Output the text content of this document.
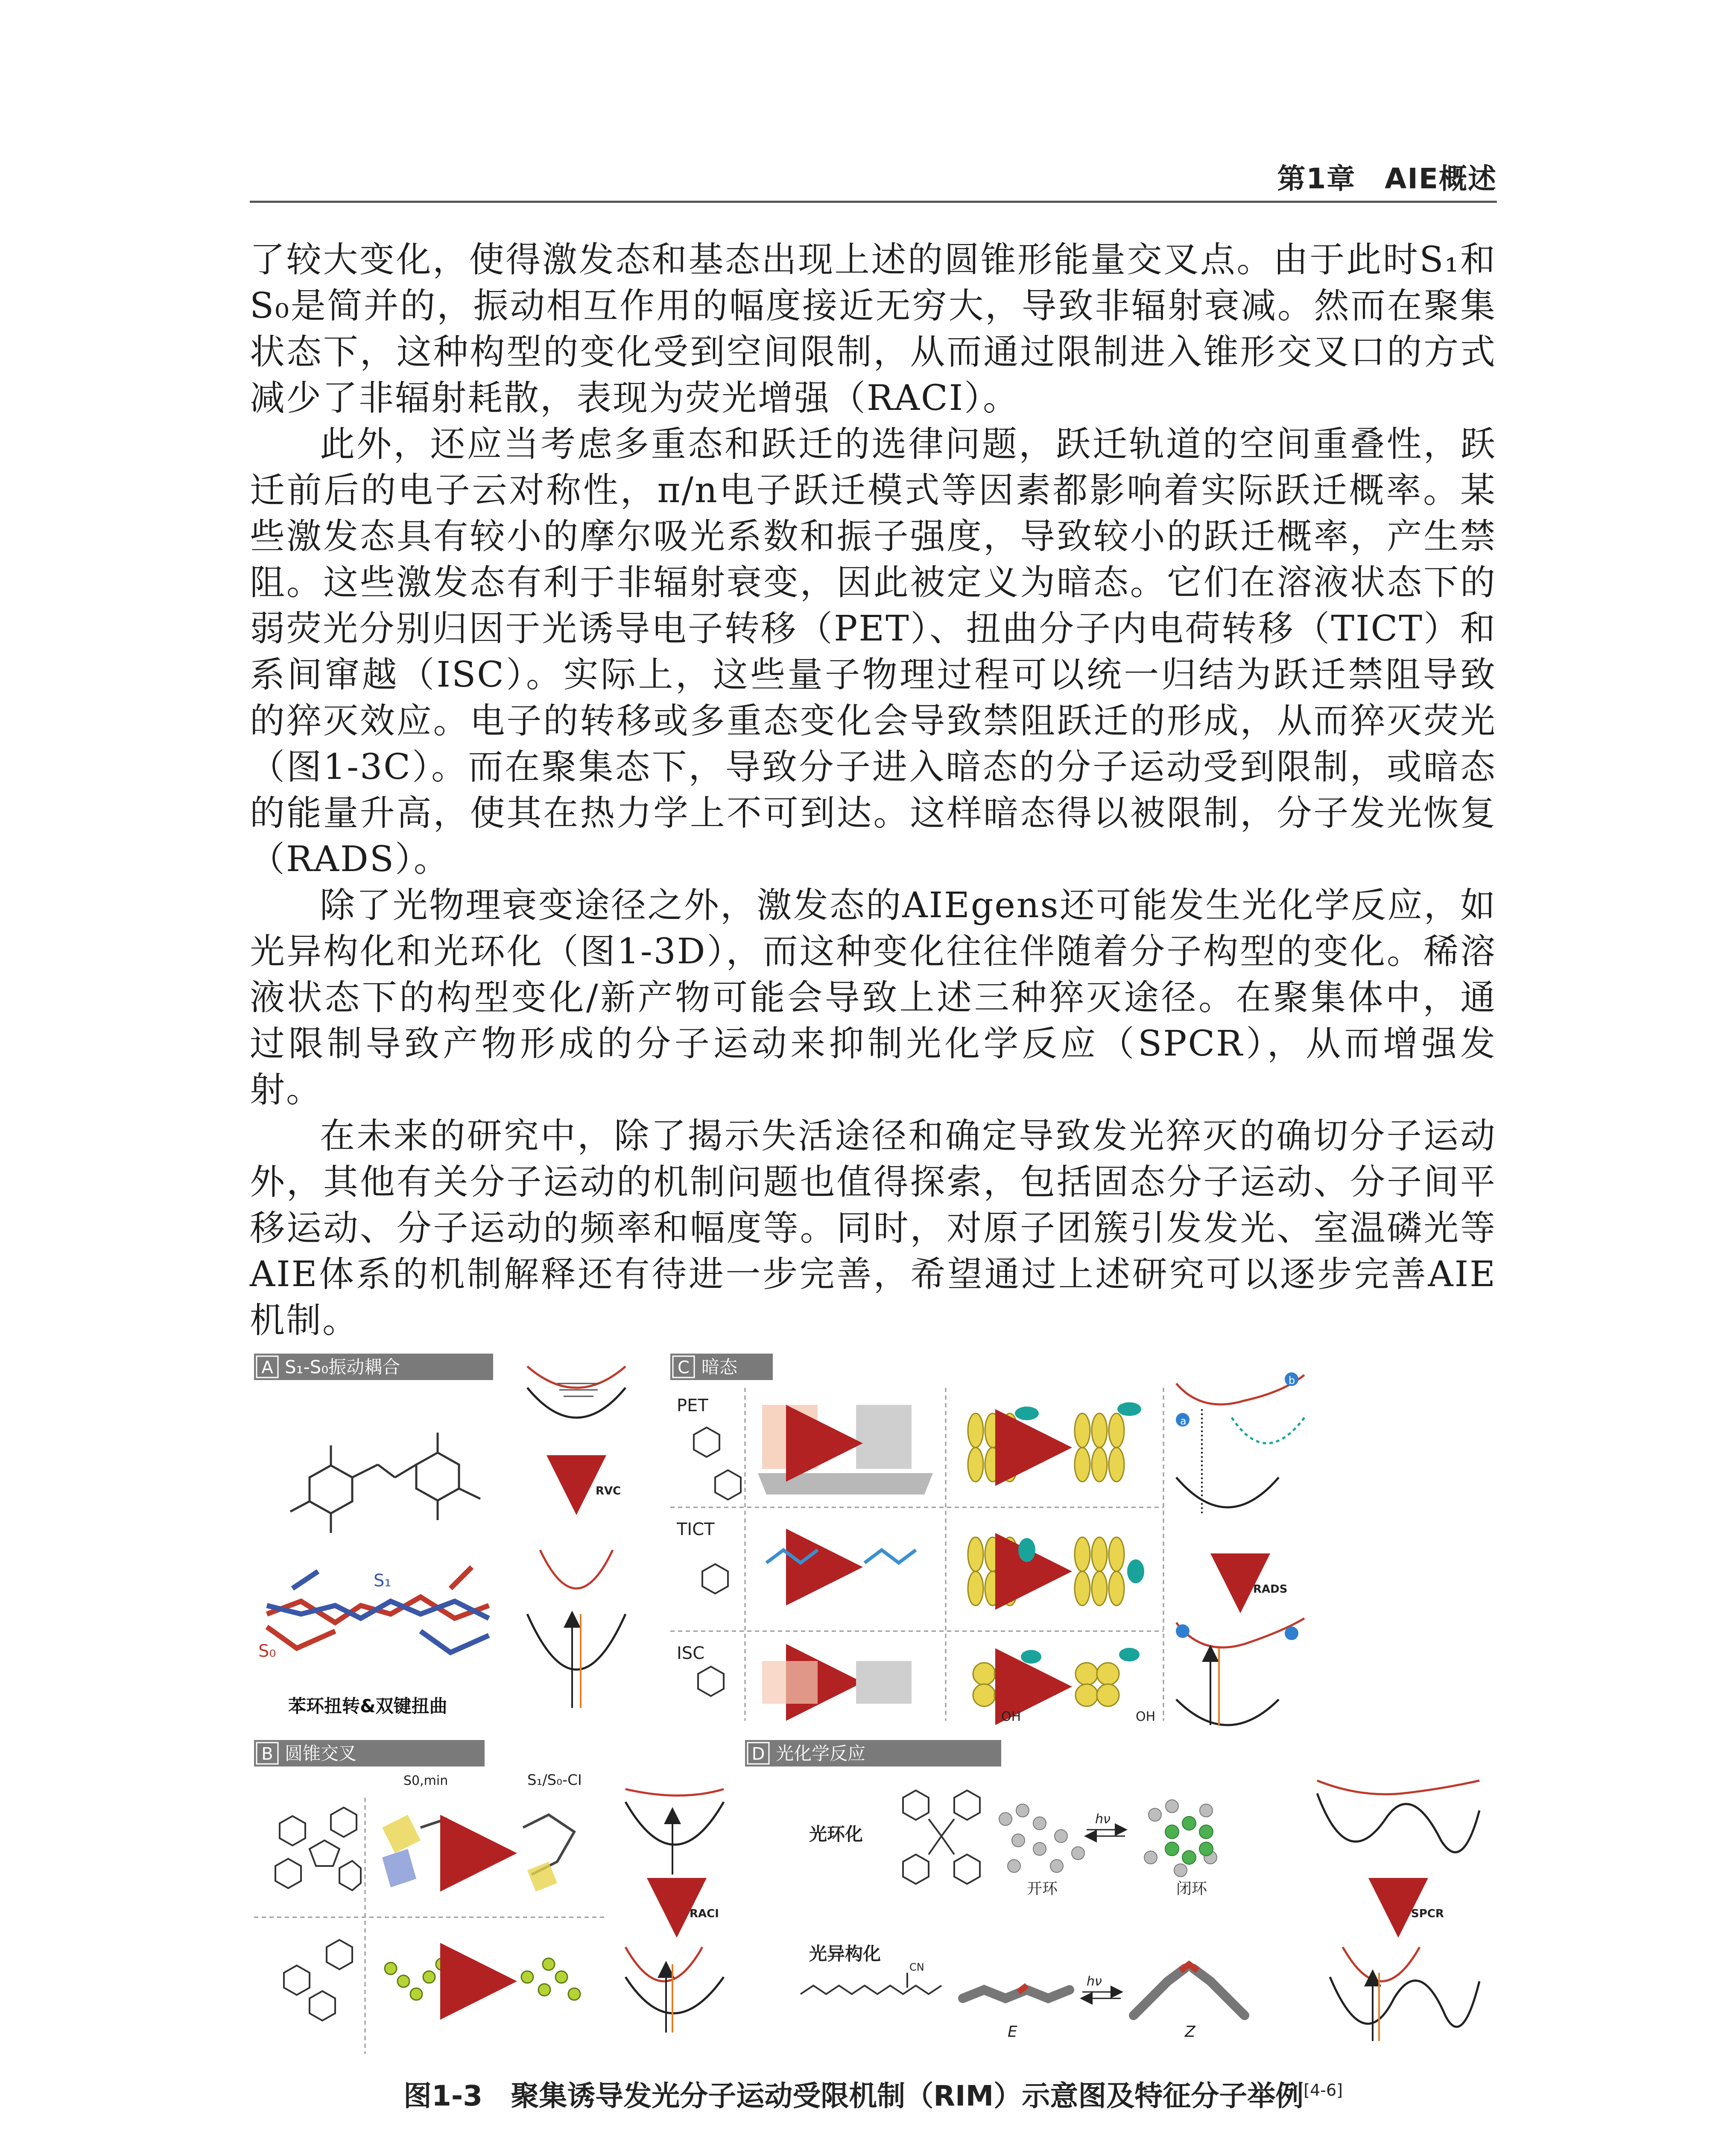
第1章　AIE概述

了较大变化，使得激发态和基态出现上述的圆锥形能量交叉点。由于此时S₁和S₀是简并的，振动相互作用的幅度接近无穷大，导致非辐射衰减。然而在聚集状态下，这种构型的变化受到空间限制，从而通过限制进入锥形交叉口的方式减少了非辐射耗散，表现为荧光增强（RACI）。

此外，还应当考虑多重态和跃迁的选律问题，跃迁轨道的空间重叠性，跃迁前后的电子云对称性，π/n电子跃迁模式等因素都影响着实际跃迁概率。某些激发态具有较小的摩尔吸光系数和振子强度，导致较小的跃迁概率，产生禁阻。这些激发态有利于非辐射衰变，因此被定义为暗态。它们在溶液状态下的弱荧光分别归因于光诱导电子转移（PET）、扭曲分子内电荷转移（TICT）和系间窜越（ISC）。实际上，这些量子物理过程可以统一归结为跃迁禁阻导致的猝灭效应。电子的转移或多重态变化会导致禁阻跃迁的形成，从而猝灭荧光（图1-3C）。而在聚集态下，导致分子进入暗态的分子运动受到限制，或暗态的能量升高，使其在热力学上不可到达。这样暗态得以被限制，分子发光恢复（RADS）。

除了光物理衰变途径之外，激发态的AIEgens还可能发生光化学反应，如光异构化和光环化（图1-3D），而这种变化往往伴随着分子构型的变化。稀溶液状态下的构型变化/新产物可能会导致上述三种猝灭途径。在聚集体中，通过限制导致产物形成的分子运动来抑制光化学反应（SPCR），从而增强发射。

在未来的研究中，除了揭示失活途径和确定导致发光猝灭的确切分子运动外，其他有关分子运动的机制问题也值得探索，包括固态分子运动、分子间平移运动、分子运动的频率和幅度等。同时，对原子团簇引发发光、室温磷光等AIE体系的机制解释还有待进一步完善，希望通过上述研究可以逐步完善AIE机制。

A S₁-S₀振动耦合
S₁
S₀
苯环扭转&双键扭曲
RVC
C 暗态
PET
TICT
ISC
OH	OH
a
b
RADS
B 圆锥交叉
S0,min	S₁/S₀-CI
RACI
D 光化学反应
光环化
光异构化
hν
开环	闭环
CN
E
hν
Z
SPCR
图1-3　聚集诱导发光分子运动受限机制（RIM）示意图及特征分子举例[4-6]
